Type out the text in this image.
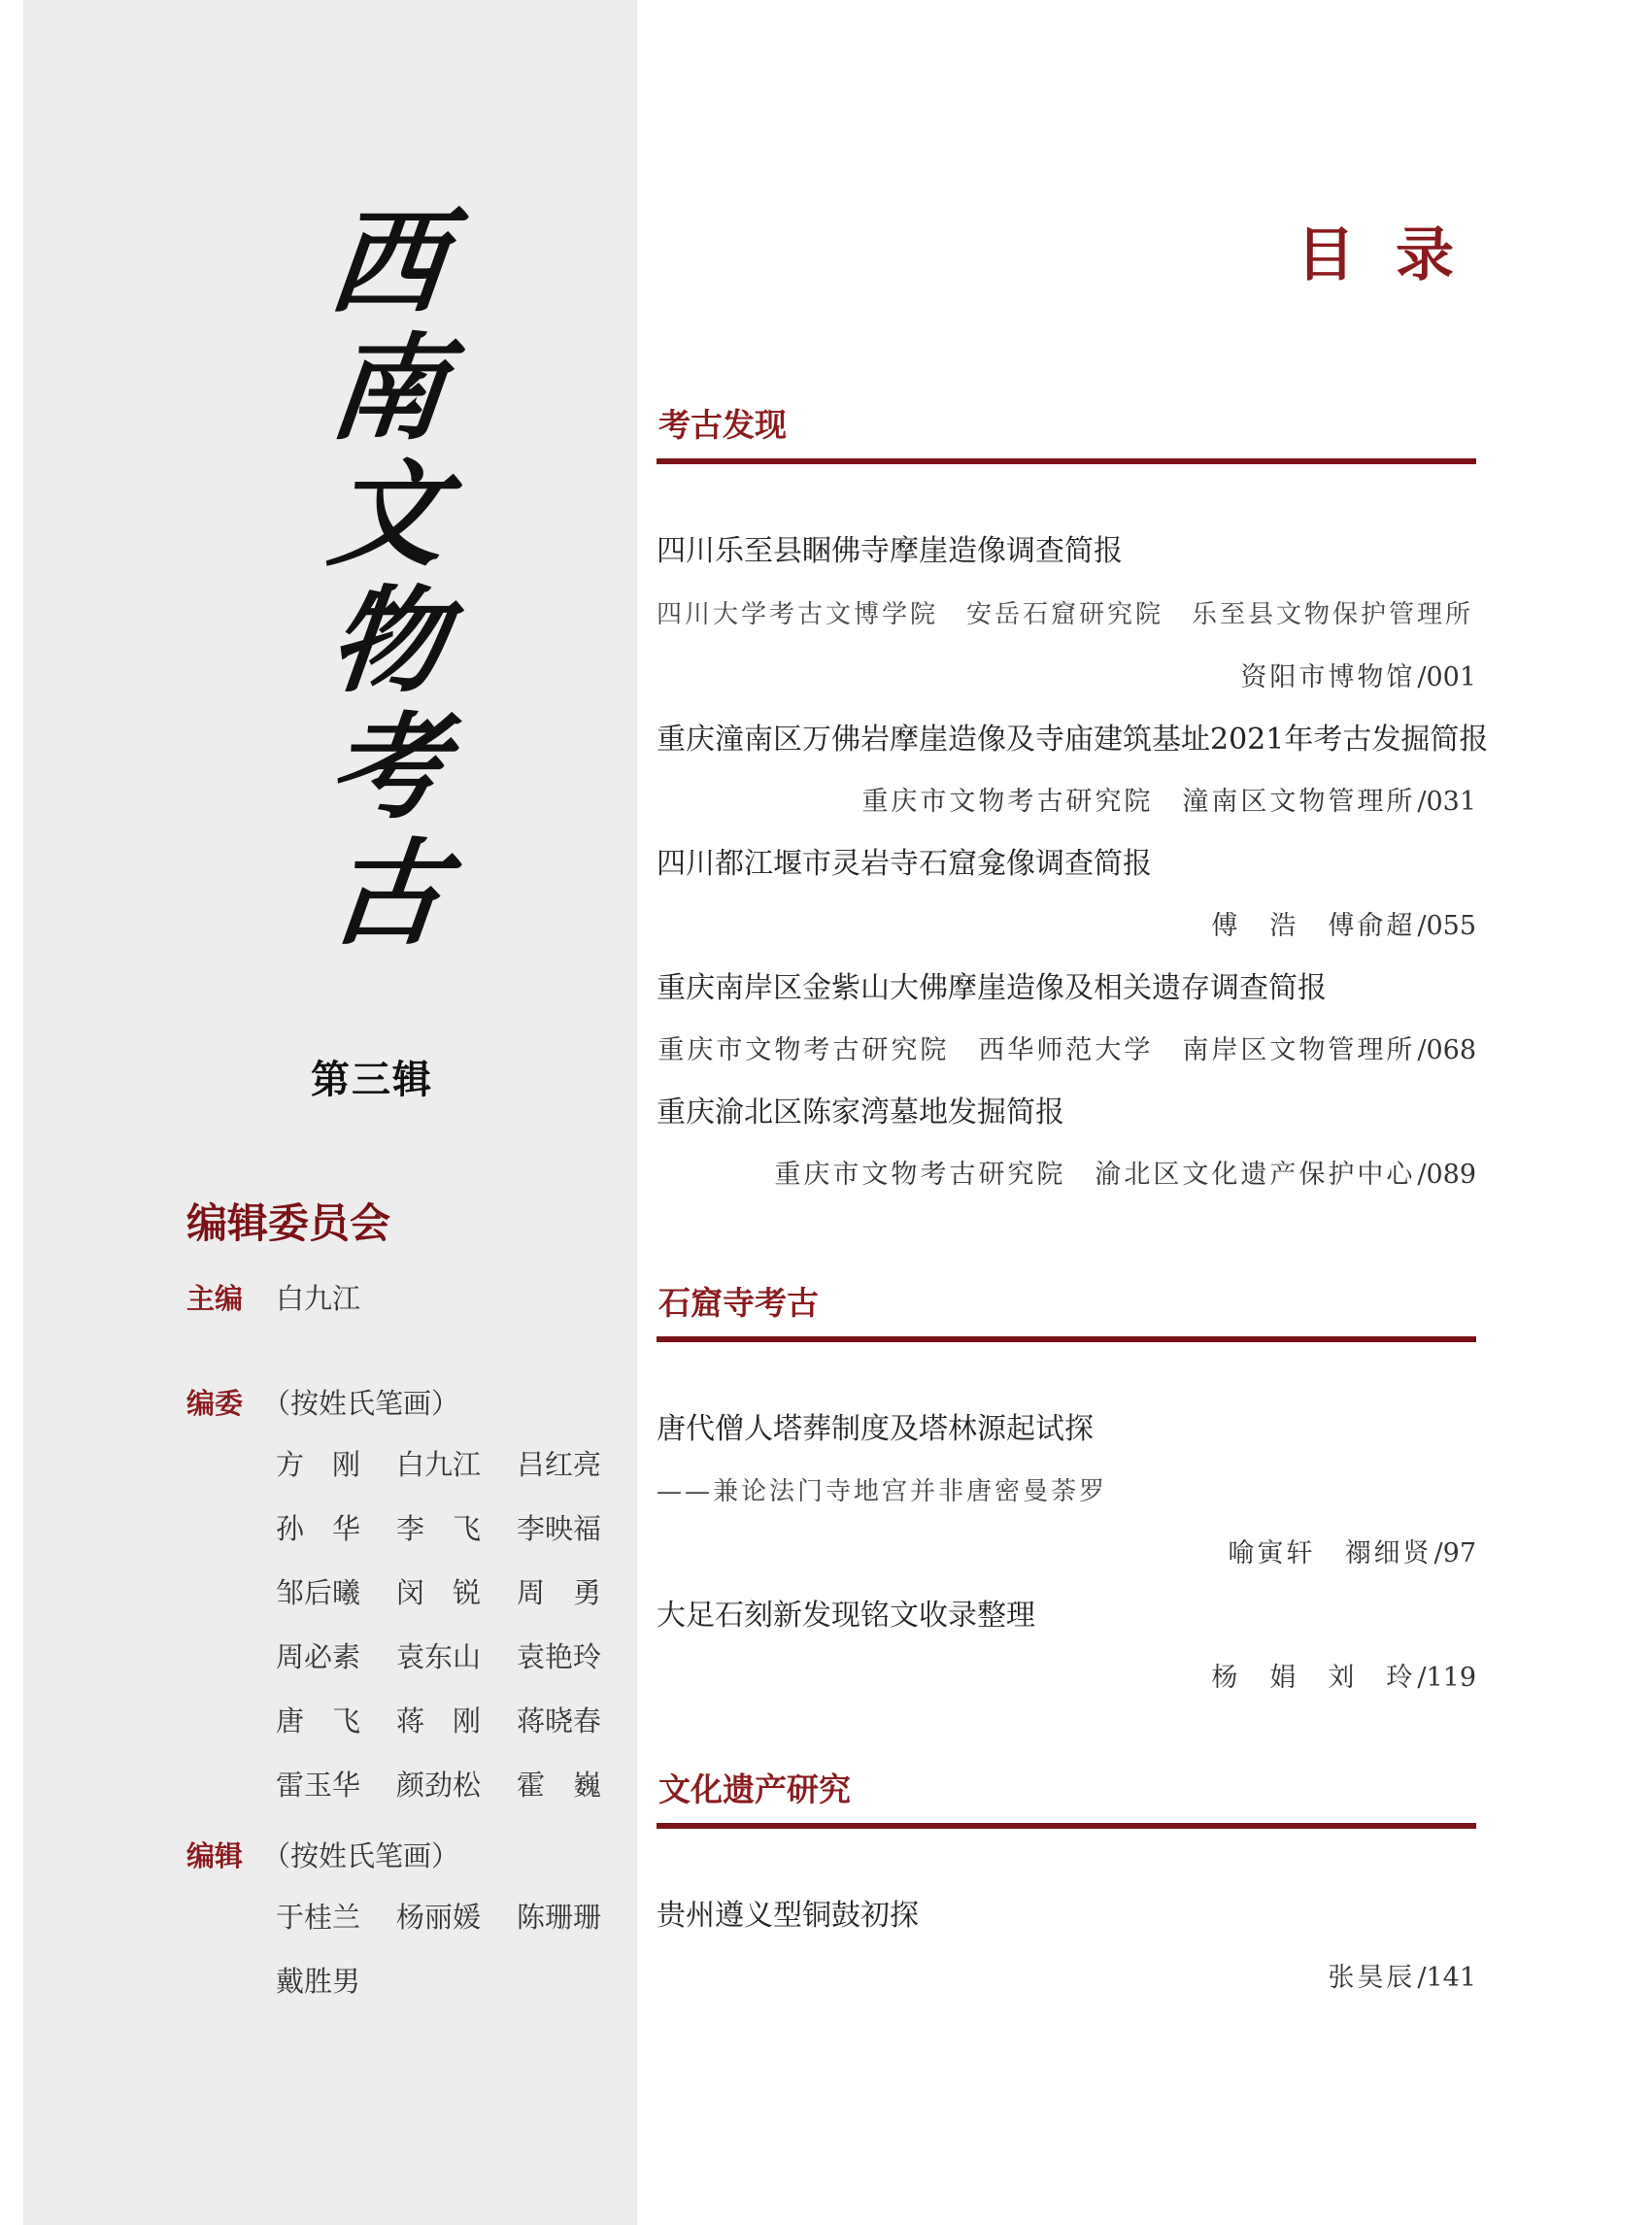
西
南
文
物
考
古
第三辑
编辑委员会
主编 白九江
编委 （按姓氏笔画）
方　刚	白九江	吕红亮
孙　华	李　飞	李映福
邹后曦	闵　锐	周　勇
周必素	袁东山	袁艳玲
唐　飞	蒋　刚	蒋晓春
雷玉华	颜劲松	霍　巍
编辑 （按姓氏笔画）
于桂兰	杨丽媛	陈珊珊
戴胜男
目录
考古发现
四川乐至县睏佛寺摩崖造像调查简报
四川大学考古文博学院　安岳石窟研究院　乐至县文物保护管理所
资阳市博物馆/001
重庆潼南区万佛岩摩崖造像及寺庙建筑基址2021年考古发掘简报
重庆市文物考古研究院　潼南区文物管理所/031
四川都江堰市灵岩寺石窟龛像调查简报
傅　浩　傅俞超/055
重庆南岸区金紫山大佛摩崖造像及相关遗存调查简报
重庆市文物考古研究院　西华师范大学　南岸区文物管理所/068
重庆渝北区陈家湾墓地发掘简报
重庆市文物考古研究院　渝北区文化遗产保护中心/089
石窟寺考古
唐代僧人塔葬制度及塔林源起试探
——兼论法门寺地宫并非唐密曼荼罗
喻寅轩　禤细贤/97
大足石刻新发现铭文收录整理
杨　娟　刘　玲/119
文化遗产研究
贵州遵义型铜鼓初探
张昊辰/141
